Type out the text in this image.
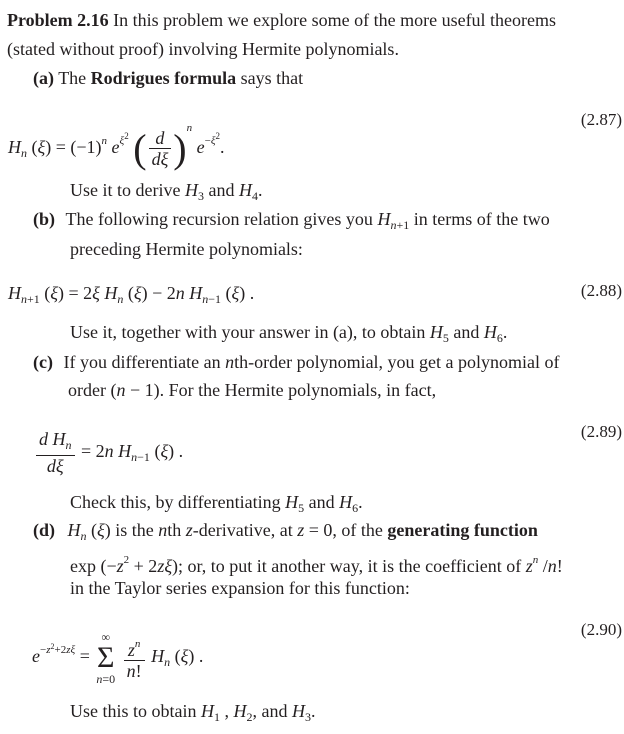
Problem 2.16 In this problem we explore some of the more useful theorems
(stated without proof) involving Hermite polynomials.
(a) The Rodrigues formula says that
$H_n$ $(\xi) = (-1)^n$ $e^{\xi 2}$ ( $\frac{d}{d\xi} )^n$ $e^{-\xi 2}$.
(2.87)
Use it to derive $H_3$ and $H_4$.
(b) The following recursion relation gives you $H_{n+1}$ in terms of the two
preceding Hermite polynomials:
$H_{n+1}$ (ξ) = 2ξ $H_n$ (ξ) − 2n $H_{n-1}$ (ξ) .	(2.88)
Use it, together with your answer in (a), to obtain $H_5$ and $H_6$.
(c) If you differentiate an nth-order polynomial, you get a polynomial of
order (n − 1). For the Hermite polynomials, in fact,
$\frac{d H_n}{d\xi} = 2n$ $H_{n-1}$ (ξ) .
(2.89)
Check this, by differentiating $H_5$ and $H_6$.
(d) $H_n$ (ξ) is the nth z-derivative, at z = 0, of the generating function
$\exp (-z^2 + 2z\xi)$; or, to put it another way, it is the coefficient of $z^n$ /n!
in the Taylor series expansion for this function:
$e^{-z^2+2z\xi}$ =
∞
Σ
n=0
$\frac{z^n}{n!} H_n$ (ξ) .
(2.90)
Use this to obtain $H_1$ , $H_2$, and $H_3$.
